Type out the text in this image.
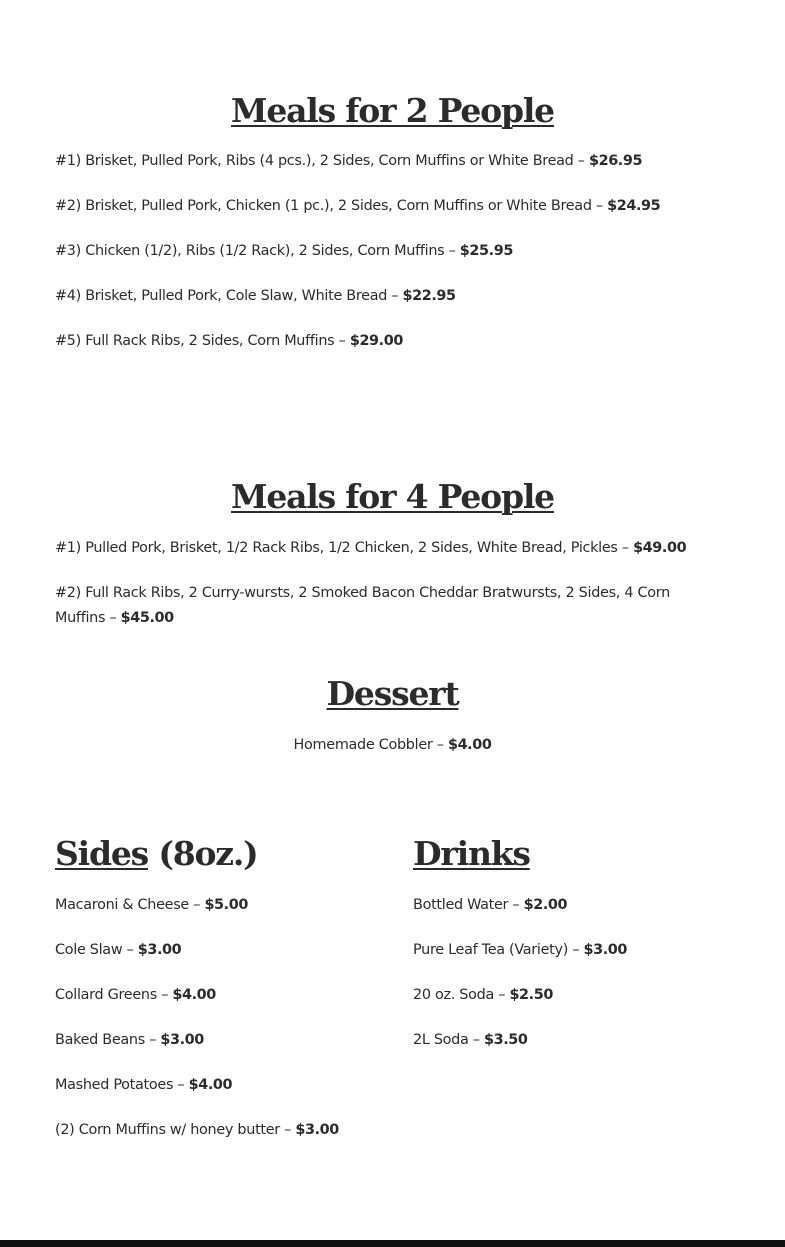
Meals for 2 People

#1) Brisket, Pulled Pork, Ribs (4 pcs.), 2 Sides, Corn Muffins or White Bread – $26.95

#2) Brisket, Pulled Pork, Chicken (1 pc.), 2 Sides, Corn Muffins or White Bread – $24.95

#3) Chicken (1/2), Ribs (1/2 Rack), 2 Sides, Corn Muffins – $25.95

#4) Brisket, Pulled Pork, Cole Slaw, White Bread – $22.95

#5) Full Rack Ribs, 2 Sides, Corn Muffins – $29.00

Meals for 4 People

#1) Pulled Pork, Brisket, 1/2 Rack Ribs, 1/2 Chicken, 2 Sides, White Bread, Pickles – $49.00

#2) Full Rack Ribs, 2 Curry-wursts, 2 Smoked Bacon Cheddar Bratwursts, 2 Sides, 4 Corn Muffins – $45.00

Dessert

Homemade Cobbler – $4.00

Sides (8oz.)

Macaroni & Cheese – $5.00

Cole Slaw – $3.00

Collard Greens – $4.00

Baked Beans – $3.00

Mashed Potatoes – $4.00

(2) Corn Muffins w/ honey butter – $3.00

Drinks

Bottled Water – $2.00

Pure Leaf Tea (Variety) – $3.00

20 oz. Soda – $2.50

2L Soda – $3.50
